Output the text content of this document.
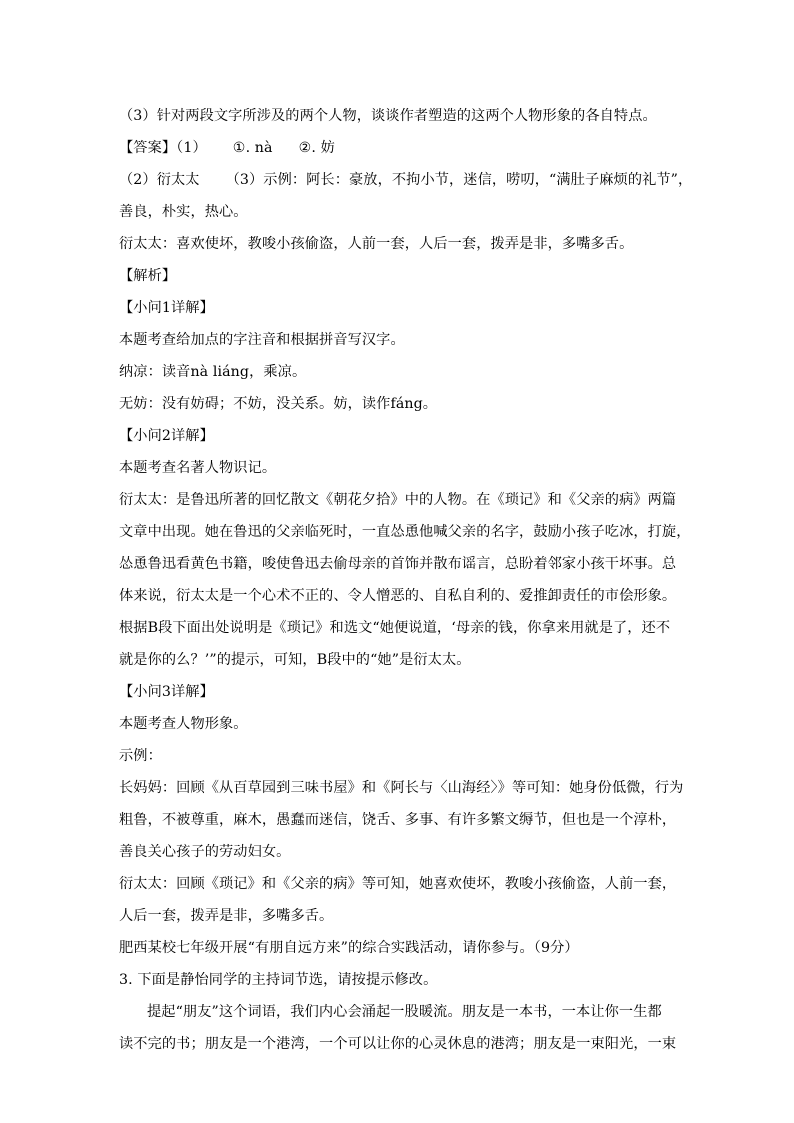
（3）针对两段文字所涉及的两个人物，谈谈作者塑造的这两个人物形象的各自特点。
【答案】（1） ①. nà ②. 妨
（2）衍太太 （3）示例：阿长：豪放，不拘小节，迷信，唠叨，“满肚子麻烦的礼节”，
善良，朴实，热心。
衍太太：喜欢使坏，教唆小孩偷盗，人前一套，人后一套，拨弄是非，多嘴多舌。
【解析】
【小问1详解】
本题考查给加点的字注音和根据拼音写汉字。
纳凉：读音nà liáng，乘凉。
无妨：没有妨碍；不妨，没关系。妨，读作fáng。
【小问2详解】
本题考查名著人物识记。
衍太太：是鲁迅所著的回忆散文《朝花夕拾》中的人物。在《琐记》和《父亲的病》两篇
文章中出现。她在鲁迅的父亲临死时，一直怂恿他喊父亲的名字，鼓励小孩子吃冰，打旋，
怂恿鲁迅看黄色书籍，唆使鲁迅去偷母亲的首饰并散布谣言，总盼着邻家小孩干坏事。总
体来说，衍太太是一个心术不正的、令人憎恶的、自私自利的、爱推卸责任的市侩形象。
根据B段下面出处说明是《琐记》和选文“她便说道，‘母亲的钱，你拿来用就是了，还不
就是你的么？’”的提示，可知，B段中的“她”是衍太太。
【小问3详解】
本题考查人物形象。
示例：
长妈妈：回顾《从百草园到三味书屋》和《阿长与〈山海经〉》等可知：她身份低微，行为
粗鲁，不被尊重，麻木，愚蠢而迷信，饶舌、多事、有许多繁文缛节，但也是一个淳朴，
善良关心孩子的劳动妇女。
衍太太：回顾《琐记》和《父亲的病》等可知，她喜欢使坏，教唆小孩偷盗，人前一套，
人后一套，拨弄是非，多嘴多舌。
肥西某校七年级开展“有朋自远方来”的综合实践活动，请你参与。（9分）
3. 下面是静怡同学的主持词节选，请按提示修改。
提起“朋友”这个词语，我们内心会涌起一股暖流。朋友是一本书，一本让你一生都
读不完的书；朋友是一个港湾，一个可以让你的心灵休息的港湾；朋友是一束阳光，一束
